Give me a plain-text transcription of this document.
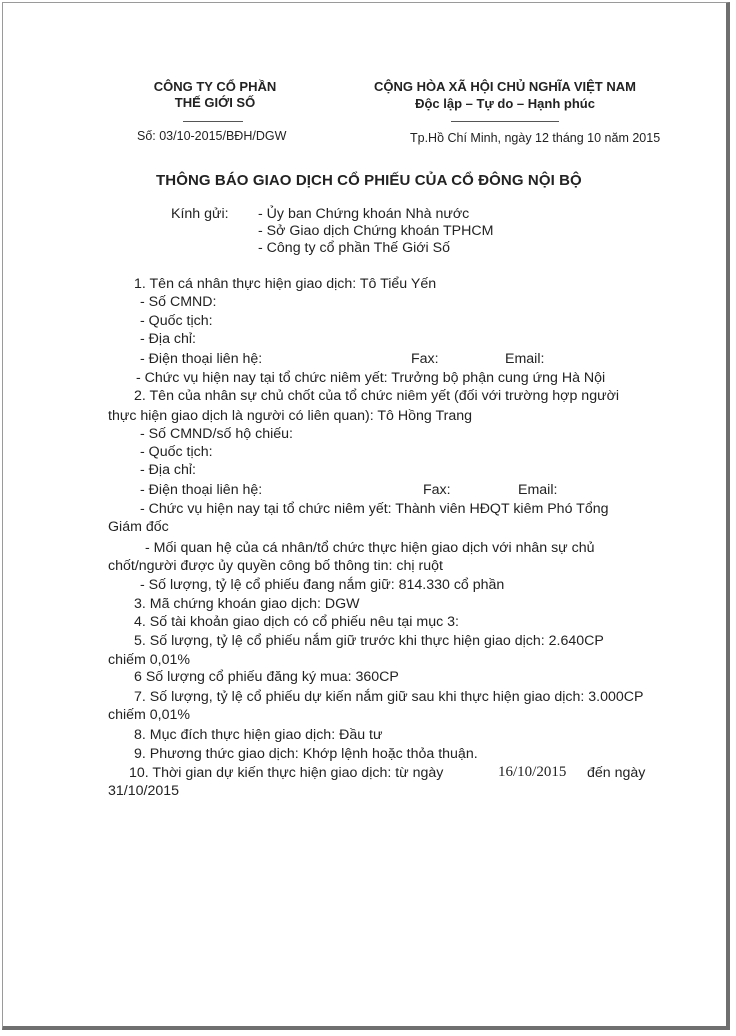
CÔNG TY CỔ PHẦN
THẾ GIỚI SỐ
CỘNG HÒA XÃ HỘI CHỦ NGHĨA VIỆT NAM
Độc lập – Tự do – Hạnh phúc
Số: 03/10-2015/BĐH/DGW	Tp.Hồ Chí Minh, ngày 12 tháng 10 năm 2015
THÔNG BÁO GIAO DỊCH CỔ PHIẾU CỦA CỔ ĐÔNG NỘI BỘ
Kính gửi: - Ủy ban Chứng khoán Nhà nước
- Sở Giao dịch Chứng khoán TPHCM
- Công ty cổ phần Thế Giới Số
1. Tên cá nhân thực hiện giao dịch: Tô Tiểu Yến
- Số CMND:
- Quốc tịch:
- Địa chỉ:
- Điện thoại liên hệ:	Fax:	Email:
- Chức vụ hiện nay tại tổ chức niêm yết: Trưởng bộ phận cung ứng Hà Nội
2. Tên của nhân sự chủ chốt của tổ chức niêm yết (đối với trường hợp người
thực hiện giao dịch là người có liên quan): Tô Hồng Trang
- Số CMND/số hộ chiếu:
- Quốc tịch:
- Địa chỉ:
- Điện thoại liên hệ:	Fax:	Email:
- Chức vụ hiện nay tại tổ chức niêm yết: Thành viên HĐQT kiêm Phó Tổng
Giám đốc
- Mối quan hệ của cá nhân/tổ chức thực hiện giao dịch với nhân sự chủ
chốt/người được ủy quyền công bố thông tin: chị ruột
- Số lượng, tỷ lệ cổ phiếu đang nắm giữ: 814.330 cổ phần
3. Mã chứng khoán giao dịch: DGW
4. Số tài khoản giao dịch có cổ phiếu nêu tại mục 3:
5. Số lượng, tỷ lệ cổ phiếu nắm giữ trước khi thực hiện giao dịch: 2.640CP
chiếm 0,01%
6 Số lượng cổ phiếu đăng ký mua: 360CP
7. Số lượng, tỷ lệ cổ phiếu dự kiến nắm giữ sau khi thực hiện giao dịch: 3.000CP
chiếm 0,01%
8. Mục đích thực hiện giao dịch: Đầu tư
9. Phương thức giao dịch: Khớp lệnh hoặc thỏa thuận.
10. Thời gian dự kiến thực hiện giao dịch: từ ngày	16/10/2015 đến ngày
31/10/2015
